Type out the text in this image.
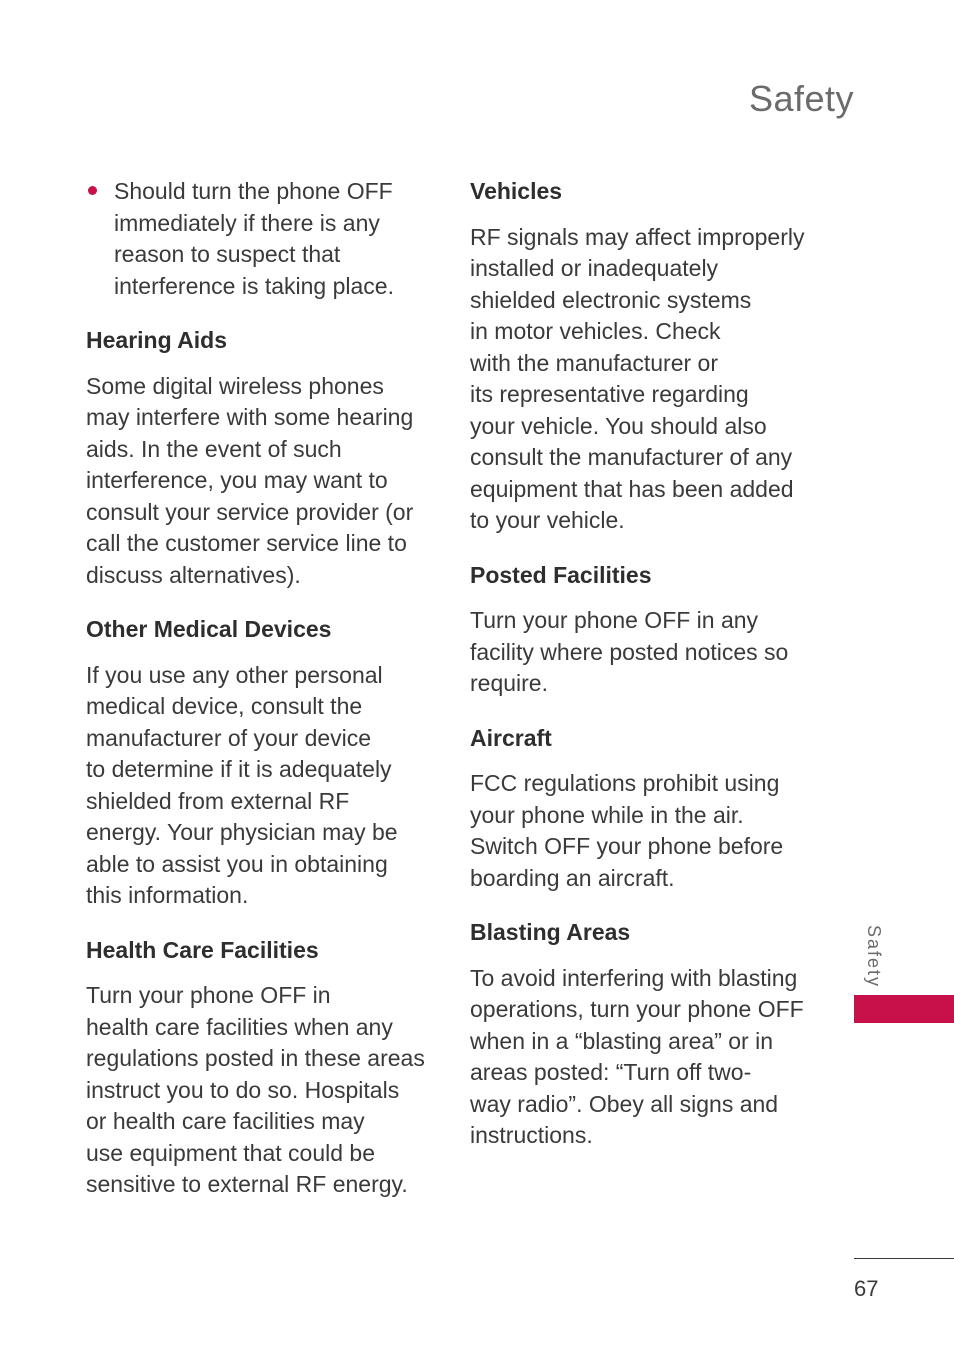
Safety

Should turn the phone OFF
immediately if there is any
reason to suspect that
interference is taking place.

Hearing Aids

Some digital wireless phones
may interfere with some hearing
aids. In the event of such
interference, you may want to
consult your service provider (or
call the customer service line to
discuss alternatives).

Other Medical Devices

If you use any other personal
medical device, consult the
manufacturer of your device
to determine if it is adequately
shielded from external RF
energy. Your physician may be
able to assist you in obtaining
this information.

Health Care Facilities

Turn your phone OFF in
health care facilities when any
regulations posted in these areas
instruct you to do so. Hospitals
or health care facilities may
use equipment that could be
sensitive to external RF energy.

Vehicles

RF signals may affect improperly
installed or inadequately
shielded electronic systems
in motor vehicles. Check
with the manufacturer or
its representative regarding
your vehicle. You should also
consult the manufacturer of any
equipment that has been added
to your vehicle.

Posted Facilities

Turn your phone OFF in any
facility where posted notices so
require.

Aircraft

FCC regulations prohibit using
your phone while in the air.
Switch OFF your phone before
boarding an aircraft.

Blasting Areas

To avoid interfering with blasting
operations, turn your phone OFF
when in a “blasting area” or in
areas posted: “Turn off two-
way radio”. Obey all signs and
instructions.

Safety
67
